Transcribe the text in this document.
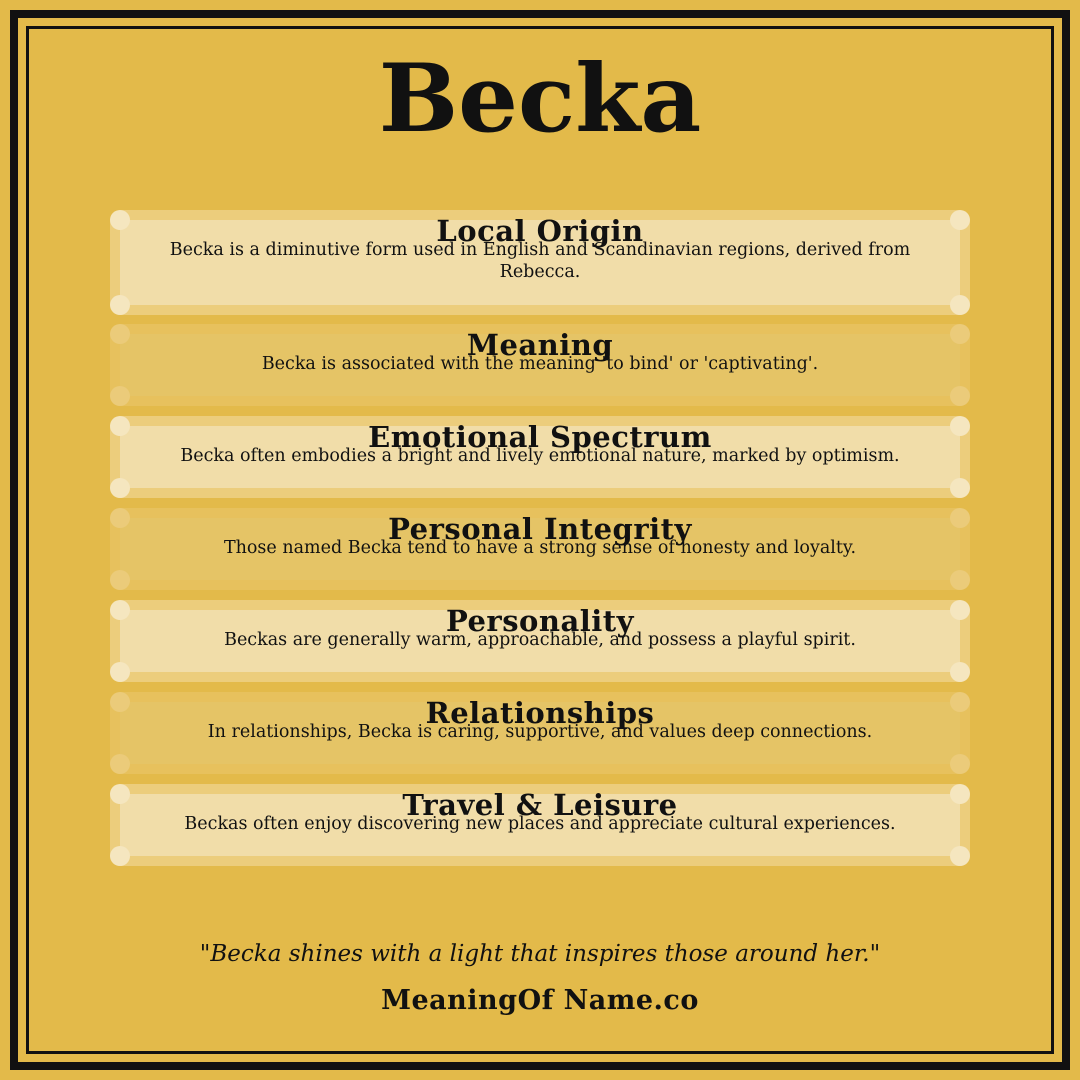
Becka
Local Origin
Becka is a diminutive form used in English and Scandinavian regions, derived from Rebecca.
Meaning
Becka is associated with the meaning 'to bind' or 'captivating'.
Emotional Spectrum
Becka often embodies a bright and lively emotional nature, marked by optimism.
Personal Integrity
Those named Becka tend to have a strong sense of honesty and loyalty.
Personality
Beckas are generally warm, approachable, and possess a playful spirit.
Relationships
In relationships, Becka is caring, supportive, and values deep connections.
Travel & Leisure
Beckas often enjoy discovering new places and appreciate cultural experiences.
"Becka shines with a light that inspires those around her."
MeaningOf Name.co
